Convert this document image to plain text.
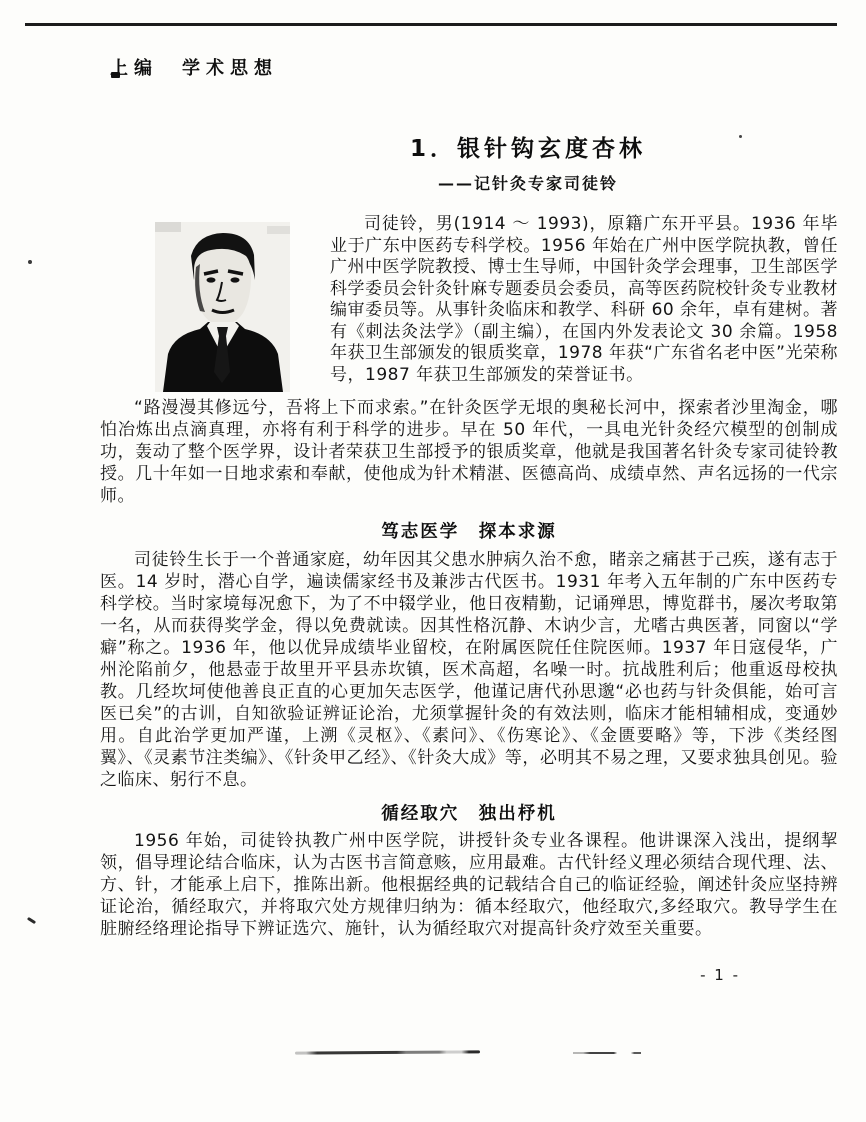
上编　学术思想
1．银针钩玄度杏林
——记针灸专家司徒铃

司徒铃，男(1914 ～ 1993)，原籍广东开平县。1936 年毕业于广东中医药专科学校。1956 年始在广州中医学院执教，曾任广州中医学院教授、博士生导师，中国针灸学会理事，卫生部医学科学委员会针灸针麻专题委员会委员，高等医药院校针灸专业教材编审委员等。从事针灸临床和教学、科研 60 余年，卓有建树。著有《刺法灸法学》（副主编），在国内外发表论文 30 余篇。1958 年获卫生部颁发的银质奖章，1978 年获“广东省名老中医”光荣称号，1987 年获卫生部颁发的荣誉证书。

“路漫漫其修远兮，吾将上下而求索。”在针灸医学无垠的奥秘长河中，探索者沙里淘金，哪怕冶炼出点滴真理，亦将有利于科学的进步。早在 50 年代，一具电光针灸经穴模型的创制成功，轰动了整个医学界，设计者荣获卫生部授予的银质奖章，他就是我国著名针灸专家司徒铃教授。几十年如一日地求索和奉献，使他成为针术精湛、医德高尚、成绩卓然、声名远扬的一代宗师。

笃志医学　探本求源

司徒铃生长于一个普通家庭，幼年因其父患水肿病久治不愈，睹亲之痛甚于己疾，遂有志于医。14 岁时，潜心自学，遍读儒家经书及兼涉古代医书。1931 年考入五年制的广东中医药专科学校。当时家境每况愈下，为了不中辍学业，他日夜精勤，记诵殚思，博览群书，屡次考取第一名，从而获得奖学金，得以免费就读。因其性格沉静、木讷少言，尤嗜古典医著，同窗以“学癖”称之。1936 年，他以优异成绩毕业留校，在附属医院任住院医师。1937 年日寇侵华，广州沦陷前夕，他悬壶于故里开平县赤坎镇，医术高超，名噪一时。抗战胜利后；他重返母校执教。几经坎坷使他善良正直的心更加矢志医学，他谨记唐代孙思邈“必也药与针灸俱能，始可言医已矣”的古训，自知欲验证辨证论治，尤须掌握针灸的有效法则，临床才能相辅相成，变通妙用。自此治学更加严谨，上溯《灵枢》、《素问》、《伤寒论》、《金匮要略》等，下涉《类经图翼》、《灵素节注类编》、《针灸甲乙经》、《针灸大成》等，必明其不易之理，又要求独具创见。验之临床、躬行不息。

循经取穴　独出杼机

1956 年始，司徒铃执教广州中医学院，讲授针灸专业各课程。他讲课深入浅出，提纲挈领，倡导理论结合临床，认为古医书言简意赅，应用最难。古代针经义理必须结合现代理、法、方、针，才能承上启下，推陈出新。他根据经典的记载结合自己的临证经验，阐述针灸应坚持辨证论治，循经取穴，并将取穴处方规律归纳为：循本经取穴，他经取穴,多经取穴。教导学生在脏腑经络理论指导下辨证选穴、施针，认为循经取穴对提高针灸疗效至关重要。

- 1 -
